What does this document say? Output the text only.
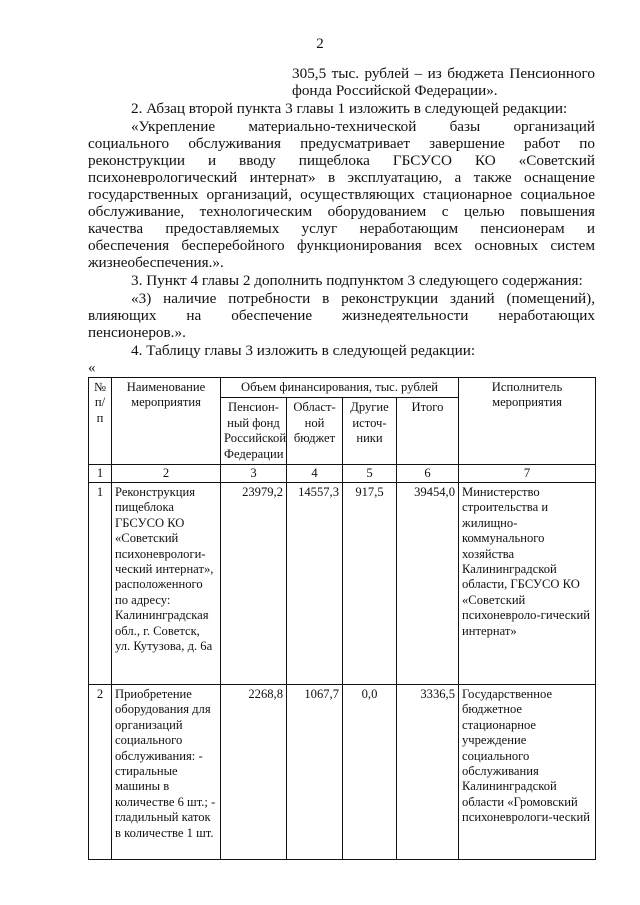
2

305,5 тыс. рублей – из бюджета Пенсионного

фонда Российской Федерации».

2. Абзац второй пункта 3 главы 1 изложить в следующей редакции:

«Укрепление материально-технической базы организаций

социального обслуживания предусматривает завершение работ по

реконструкции и вводу пищеблока ГБСУСО КО «Советский

психоневрологический интернат» в эксплуатацию, а также оснащение

государственных организаций, осуществляющих стационарное социальное

обслуживание, технологическим оборудованием с целью повышения

качества предоставляемых услуг неработающим пенсионерам и

обеспечения бесперебойного функционирования всех основных систем

жизнеобеспечения.».

3. Пункт 4 главы 2 дополнить подпунктом 3 следующего содержания:

«3) наличие потребности в реконструкции зданий (помещений),

влияющих на обеспечение жизнедеятельности неработающих

пенсионеров.».

4. Таблицу главы 3 изложить в следующей редакции:

«
№ п/ п	Наименование мероприятия	Объем финансирования, тыс. рублей				Исполнитель мероприятия
		Пенсион-ный фонд Российской Федерации	Област-ной бюджет	Другие источ-ники	Итого	
1	2	3	4	5	6	7
1	Реконструкция пищеблока ГБСУСО КО «Советский психоневрологи-ческий интернат», расположенного по адресу: Калининградская обл., г. Советск, ул. Кутузова, д. 6а	23979,2	14557,3	917,5	39454,0	Министерство строительства и жилищно-коммунального хозяйства Калининградской области, ГБСУСО КО «Советский психоневроло-гический интернат»
2	Приобретение оборудования для организаций социального обслуживания: - стиральные машины в количестве 6 шт.; - гладильный каток в количестве 1 шт.	2268,8	1067,7	0,0	3336,5	Государственное бюджетное стационарное учреждение социального обслуживания Калининградской области «Громовский психоневрологи-ческий
